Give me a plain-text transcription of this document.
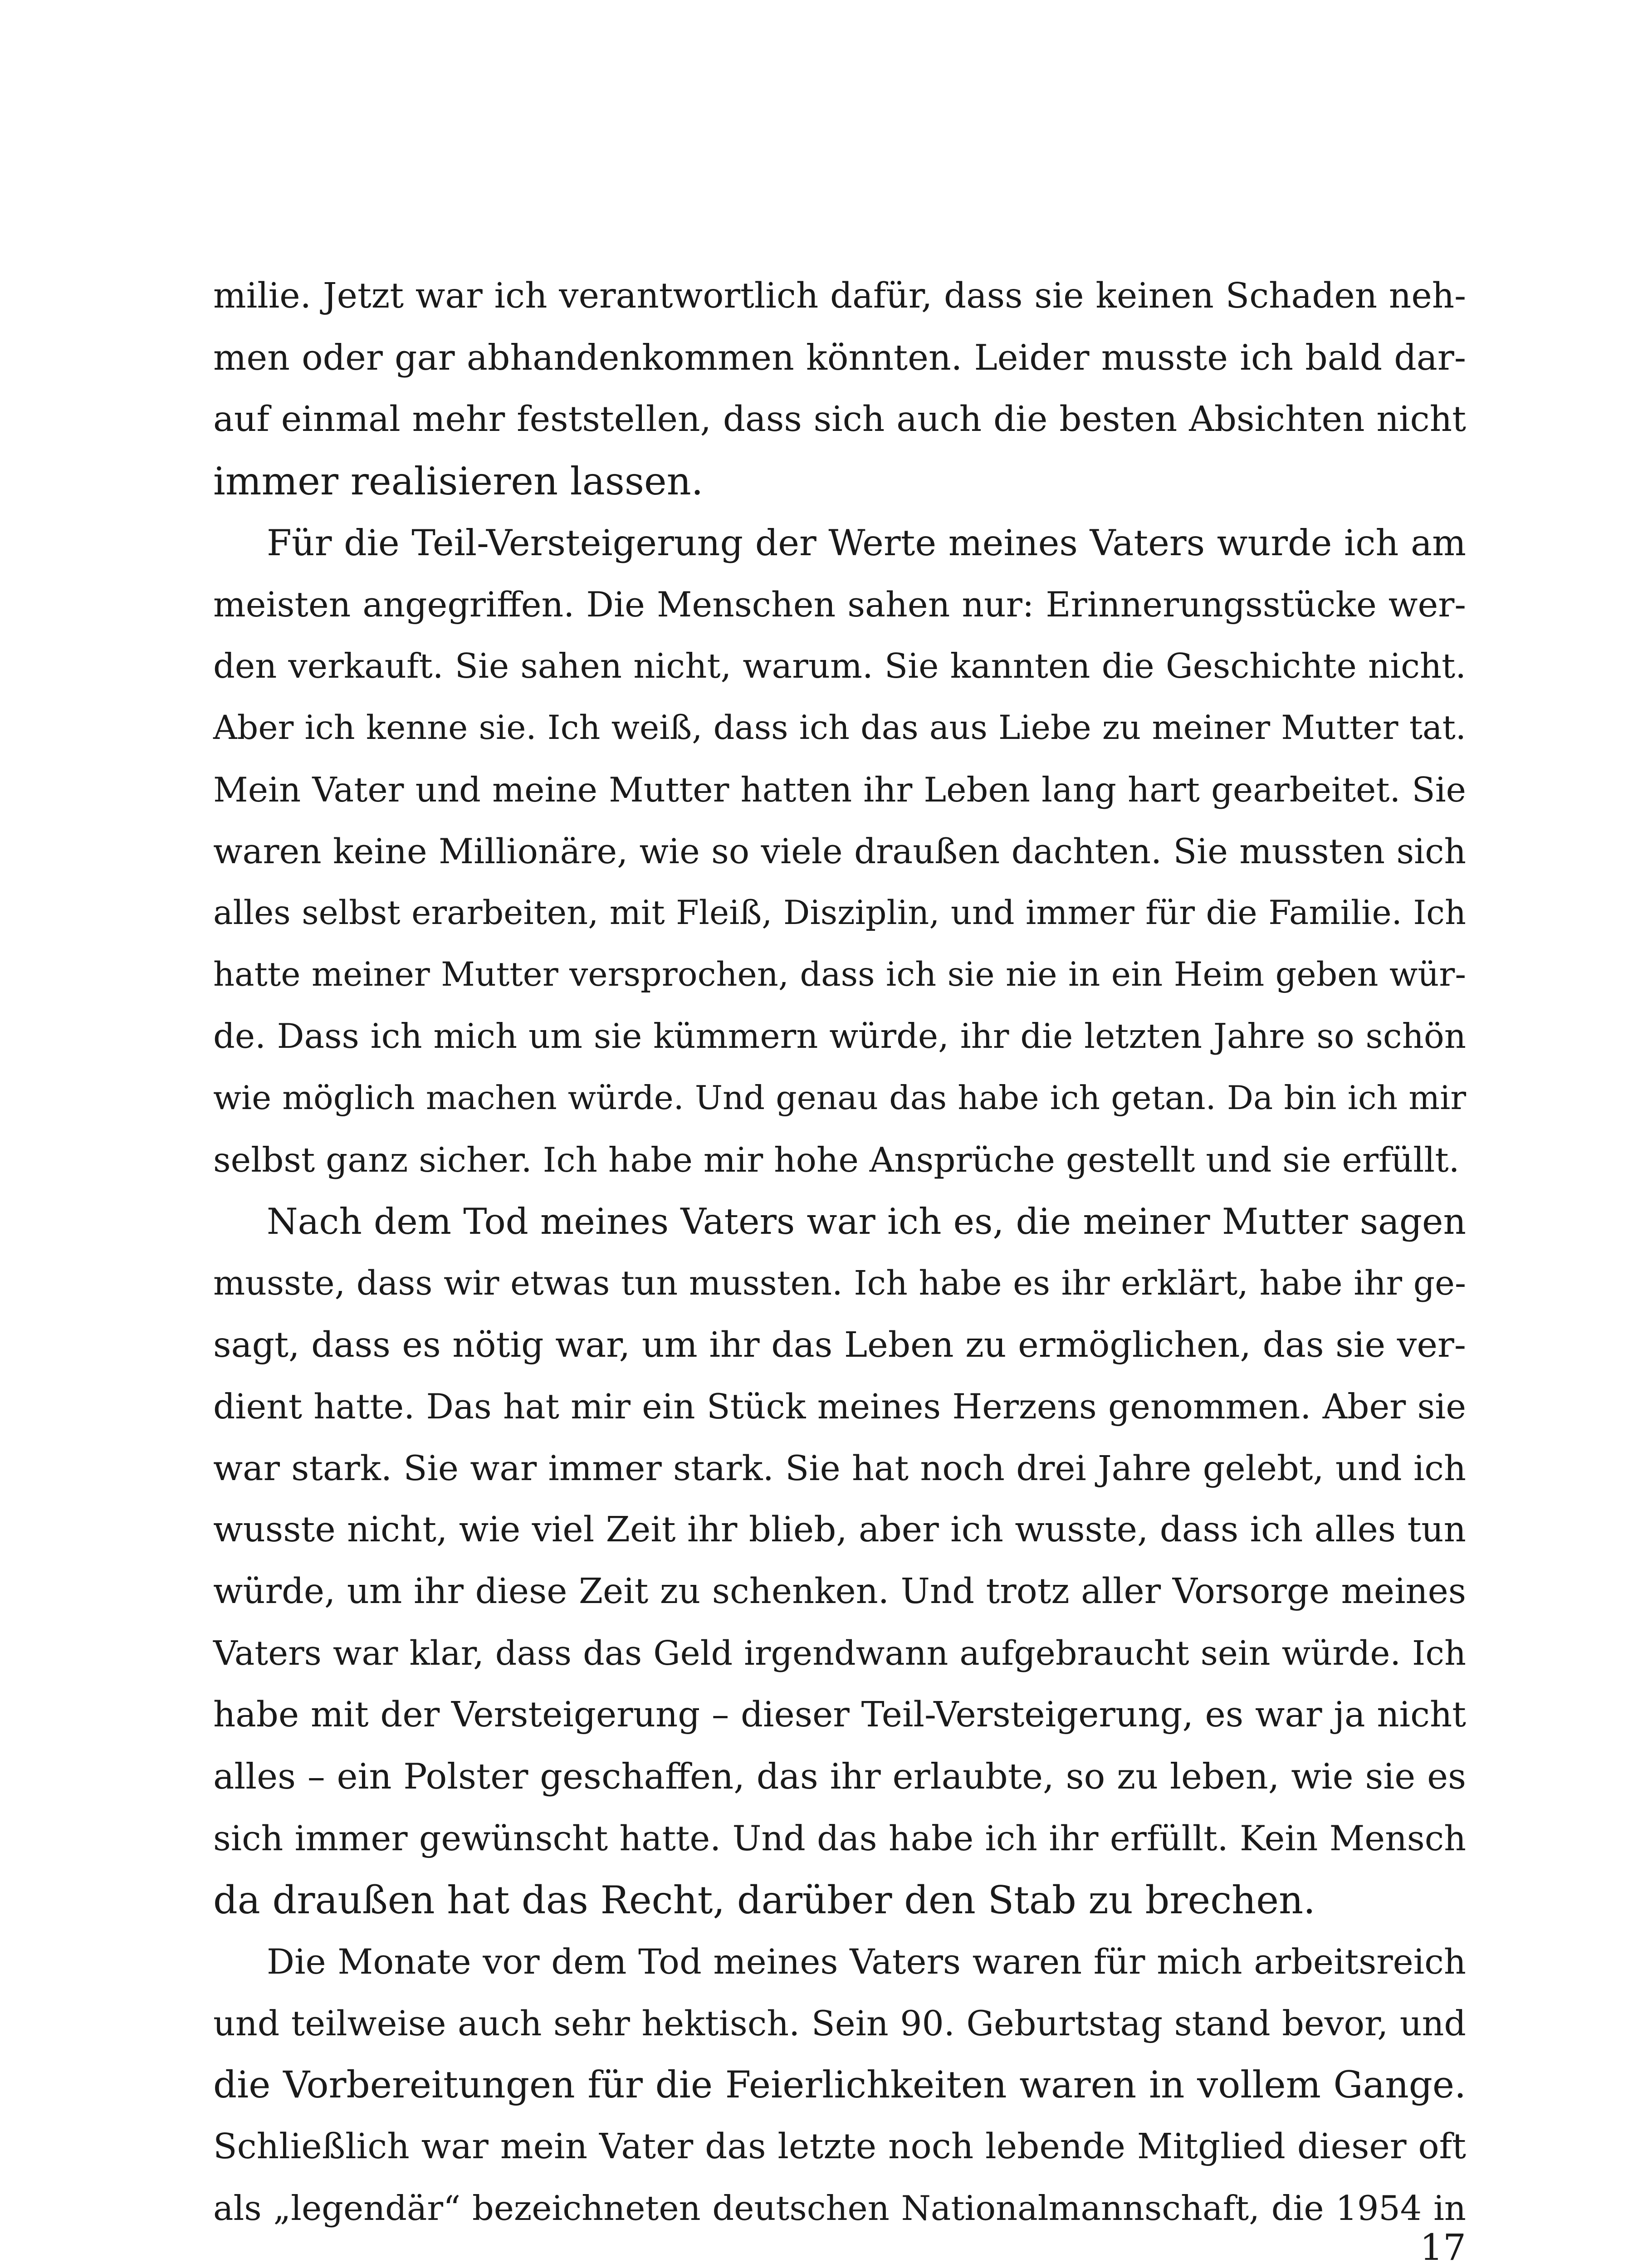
milie. Jetzt war ich verantwortlich dafür, dass sie keinen Schaden neh-
men oder gar abhandenkommen könnten. Leider musste ich bald dar-
auf einmal mehr feststellen, dass sich auch die besten Absichten nicht
immer realisieren lassen.
Für die Teil-Versteigerung der Werte meines Vaters wurde ich am
meisten angegriffen. Die Menschen sahen nur: Erinnerungsstücke wer-
den verkauft. Sie sahen nicht, warum. Sie kannten die Geschichte nicht.
Aber ich kenne sie. Ich weiß, dass ich das aus Liebe zu meiner Mutter tat.
Mein Vater und meine Mutter hatten ihr Leben lang hart gearbeitet. Sie
waren keine Millionäre, wie so viele draußen dachten. Sie mussten sich
alles selbst erarbeiten, mit Fleiß, Disziplin, und immer für die Familie. Ich
hatte meiner Mutter versprochen, dass ich sie nie in ein Heim geben wür-
de. Dass ich mich um sie kümmern würde, ihr die letzten Jahre so schön
wie möglich machen würde. Und genau das habe ich getan. Da bin ich mir
selbst ganz sicher. Ich habe mir hohe Ansprüche gestellt und sie erfüllt.
Nach dem Tod meines Vaters war ich es, die meiner Mutter sagen
musste, dass wir etwas tun mussten. Ich habe es ihr erklärt, habe ihr ge-
sagt, dass es nötig war, um ihr das Leben zu ermöglichen, das sie ver-
dient hatte. Das hat mir ein Stück meines Herzens genommen. Aber sie
war stark. Sie war immer stark. Sie hat noch drei Jahre gelebt, und ich
wusste nicht, wie viel Zeit ihr blieb, aber ich wusste, dass ich alles tun
würde, um ihr diese Zeit zu schenken. Und trotz aller Vorsorge meines
Vaters war klar, dass das Geld irgendwann aufgebraucht sein würde. Ich
habe mit der Versteigerung – dieser Teil-Versteigerung, es war ja nicht
alles – ein Polster geschaffen, das ihr erlaubte, so zu leben, wie sie es
sich immer gewünscht hatte. Und das habe ich ihr erfüllt. Kein Mensch
da draußen hat das Recht, darüber den Stab zu brechen.
Die Monate vor dem Tod meines Vaters waren für mich arbeitsreich
und teilweise auch sehr hektisch. Sein 90. Geburtstag stand bevor, und
die Vorbereitungen für die Feierlichkeiten waren in vollem Gange.
Schließlich war mein Vater das letzte noch lebende Mitglied dieser oft
als „legendär“ bezeichneten deutschen Nationalmannschaft, die 1954 in
17
